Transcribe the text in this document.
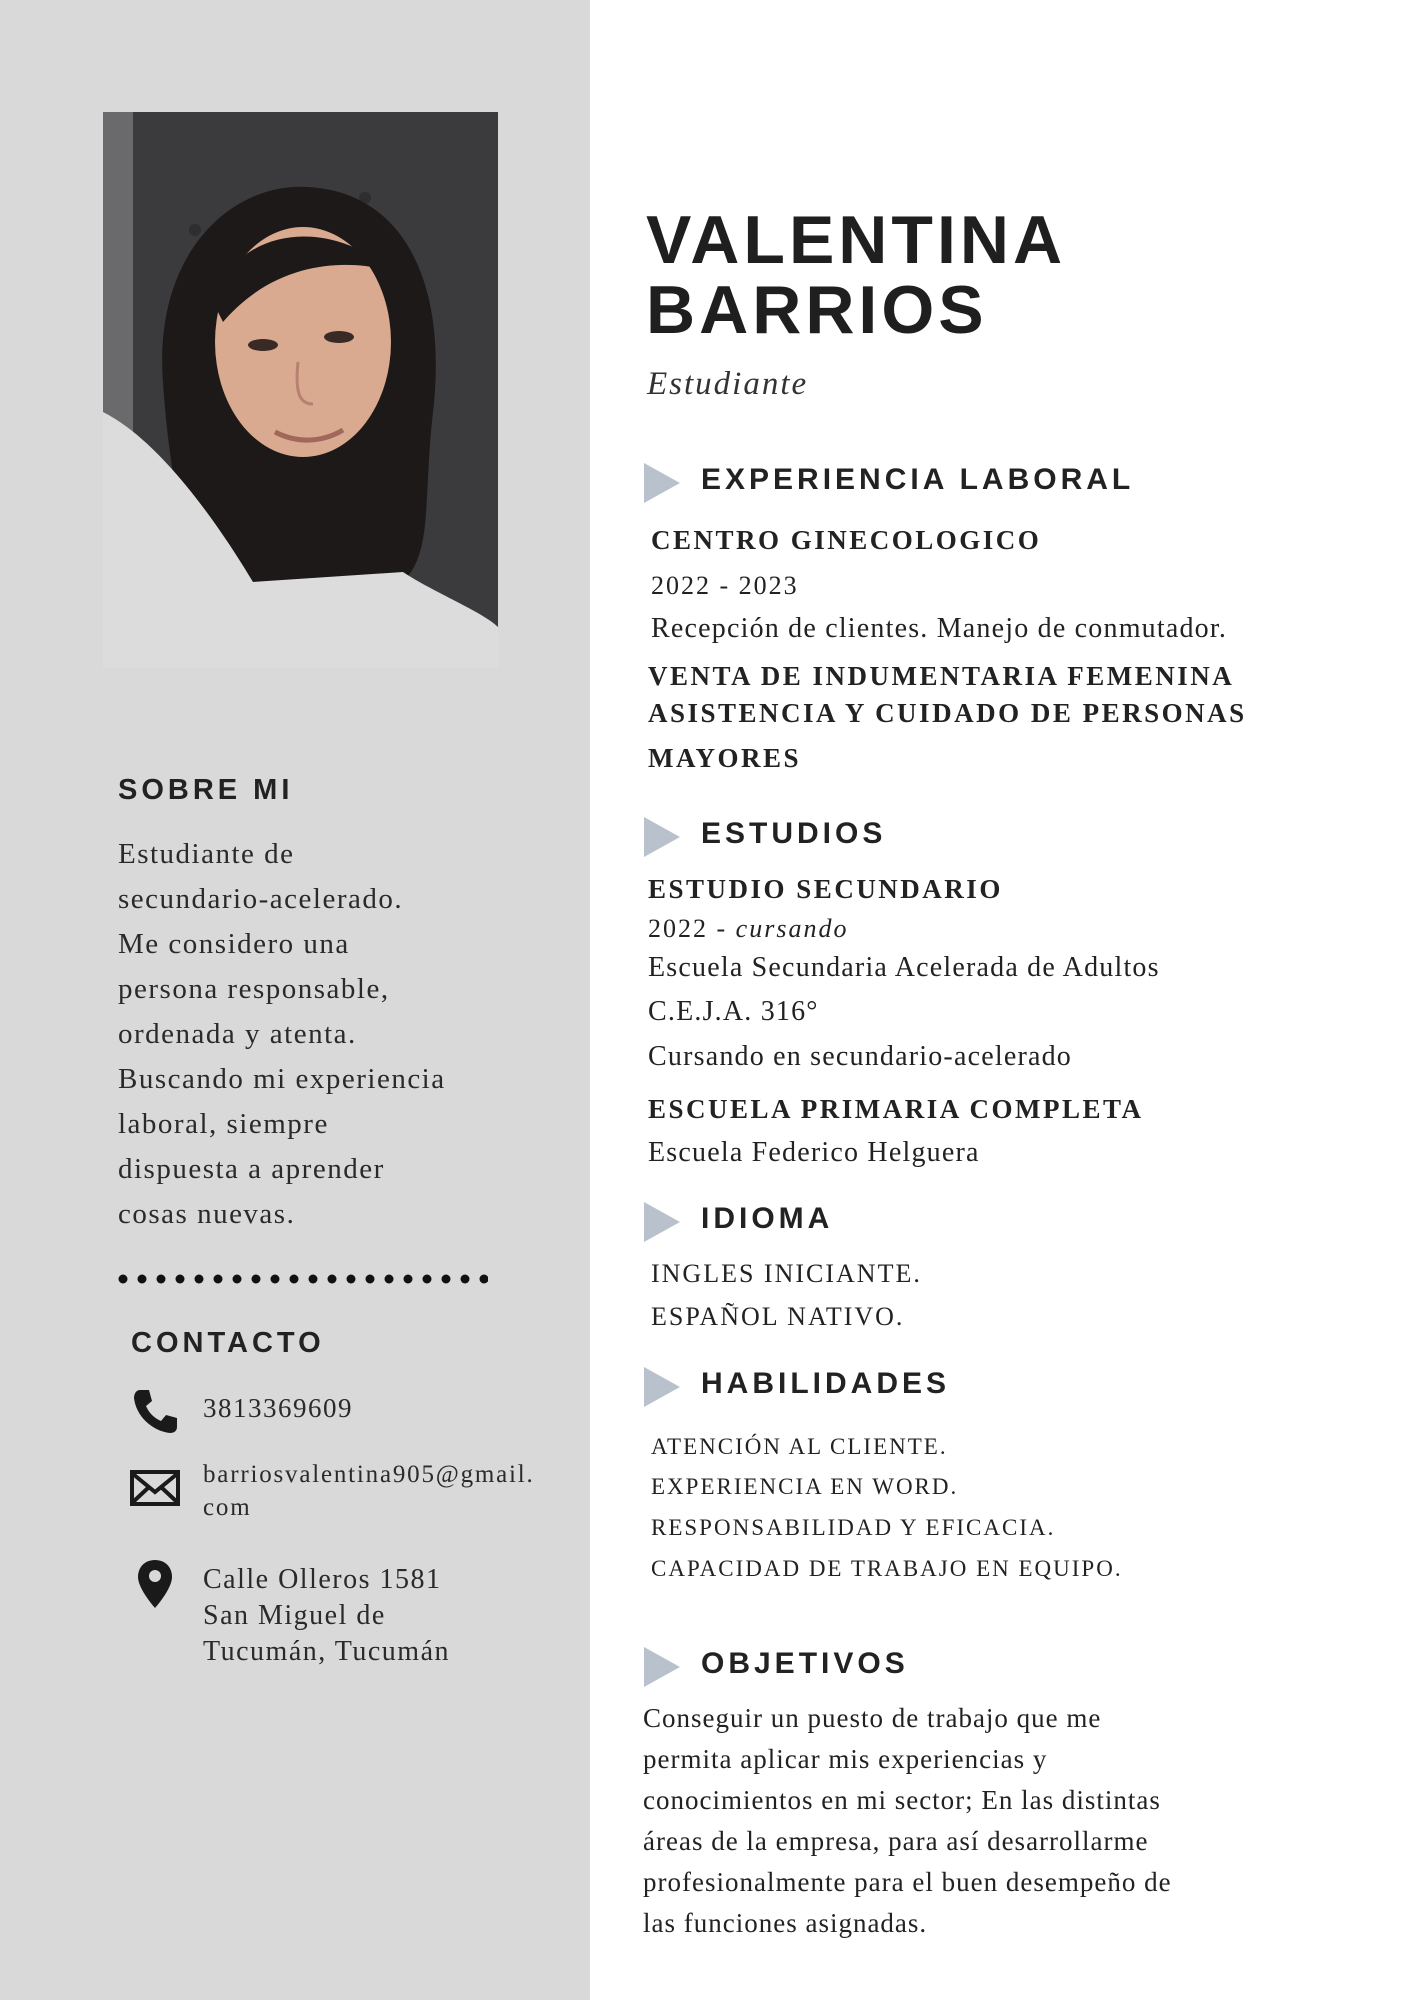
SOBRE MI
Estudiante de
secundario-acelerado.
Me considero una
persona responsable,
ordenada y atenta.
Buscando mi experiencia
laboral, siempre
dispuesta a aprender
cosas nuevas.
CONTACTO
3813369609
barriosvalentina905@gmail.
com
Calle Olleros 1581
San Miguel de
Tucumán, Tucumán
VALENTINA
BARRIOS
Estudiante
EXPERIENCIA LABORAL
CENTRO GINECOLOGICO
2022 - 2023
Recepción de clientes. Manejo de conmutador.
VENTA DE INDUMENTARIA FEMENINA
ASISTENCIA Y CUIDADO DE PERSONAS
MAYORES
ESTUDIOS
ESTUDIO SECUNDARIO
2022 - cursando
Escuela Secundaria Acelerada de Adultos
C.E.J.A. 316°
Cursando en secundario-acelerado
ESCUELA PRIMARIA COMPLETA
Escuela Federico Helguera
IDIOMA
INGLES INICIANTE.
ESPAÑOL NATIVO.
HABILIDADES
ATENCIÓN AL CLIENTE.
EXPERIENCIA EN WORD.
RESPONSABILIDAD Y EFICACIA.
CAPACIDAD DE TRABAJO EN EQUIPO.
OBJETIVOS
Conseguir un puesto de trabajo que me
permita aplicar mis experiencias y
conocimientos en mi sector; En las distintas
áreas de la empresa, para así desarrollarme
profesionalmente para el buen desempeño de
las funciones asignadas.
